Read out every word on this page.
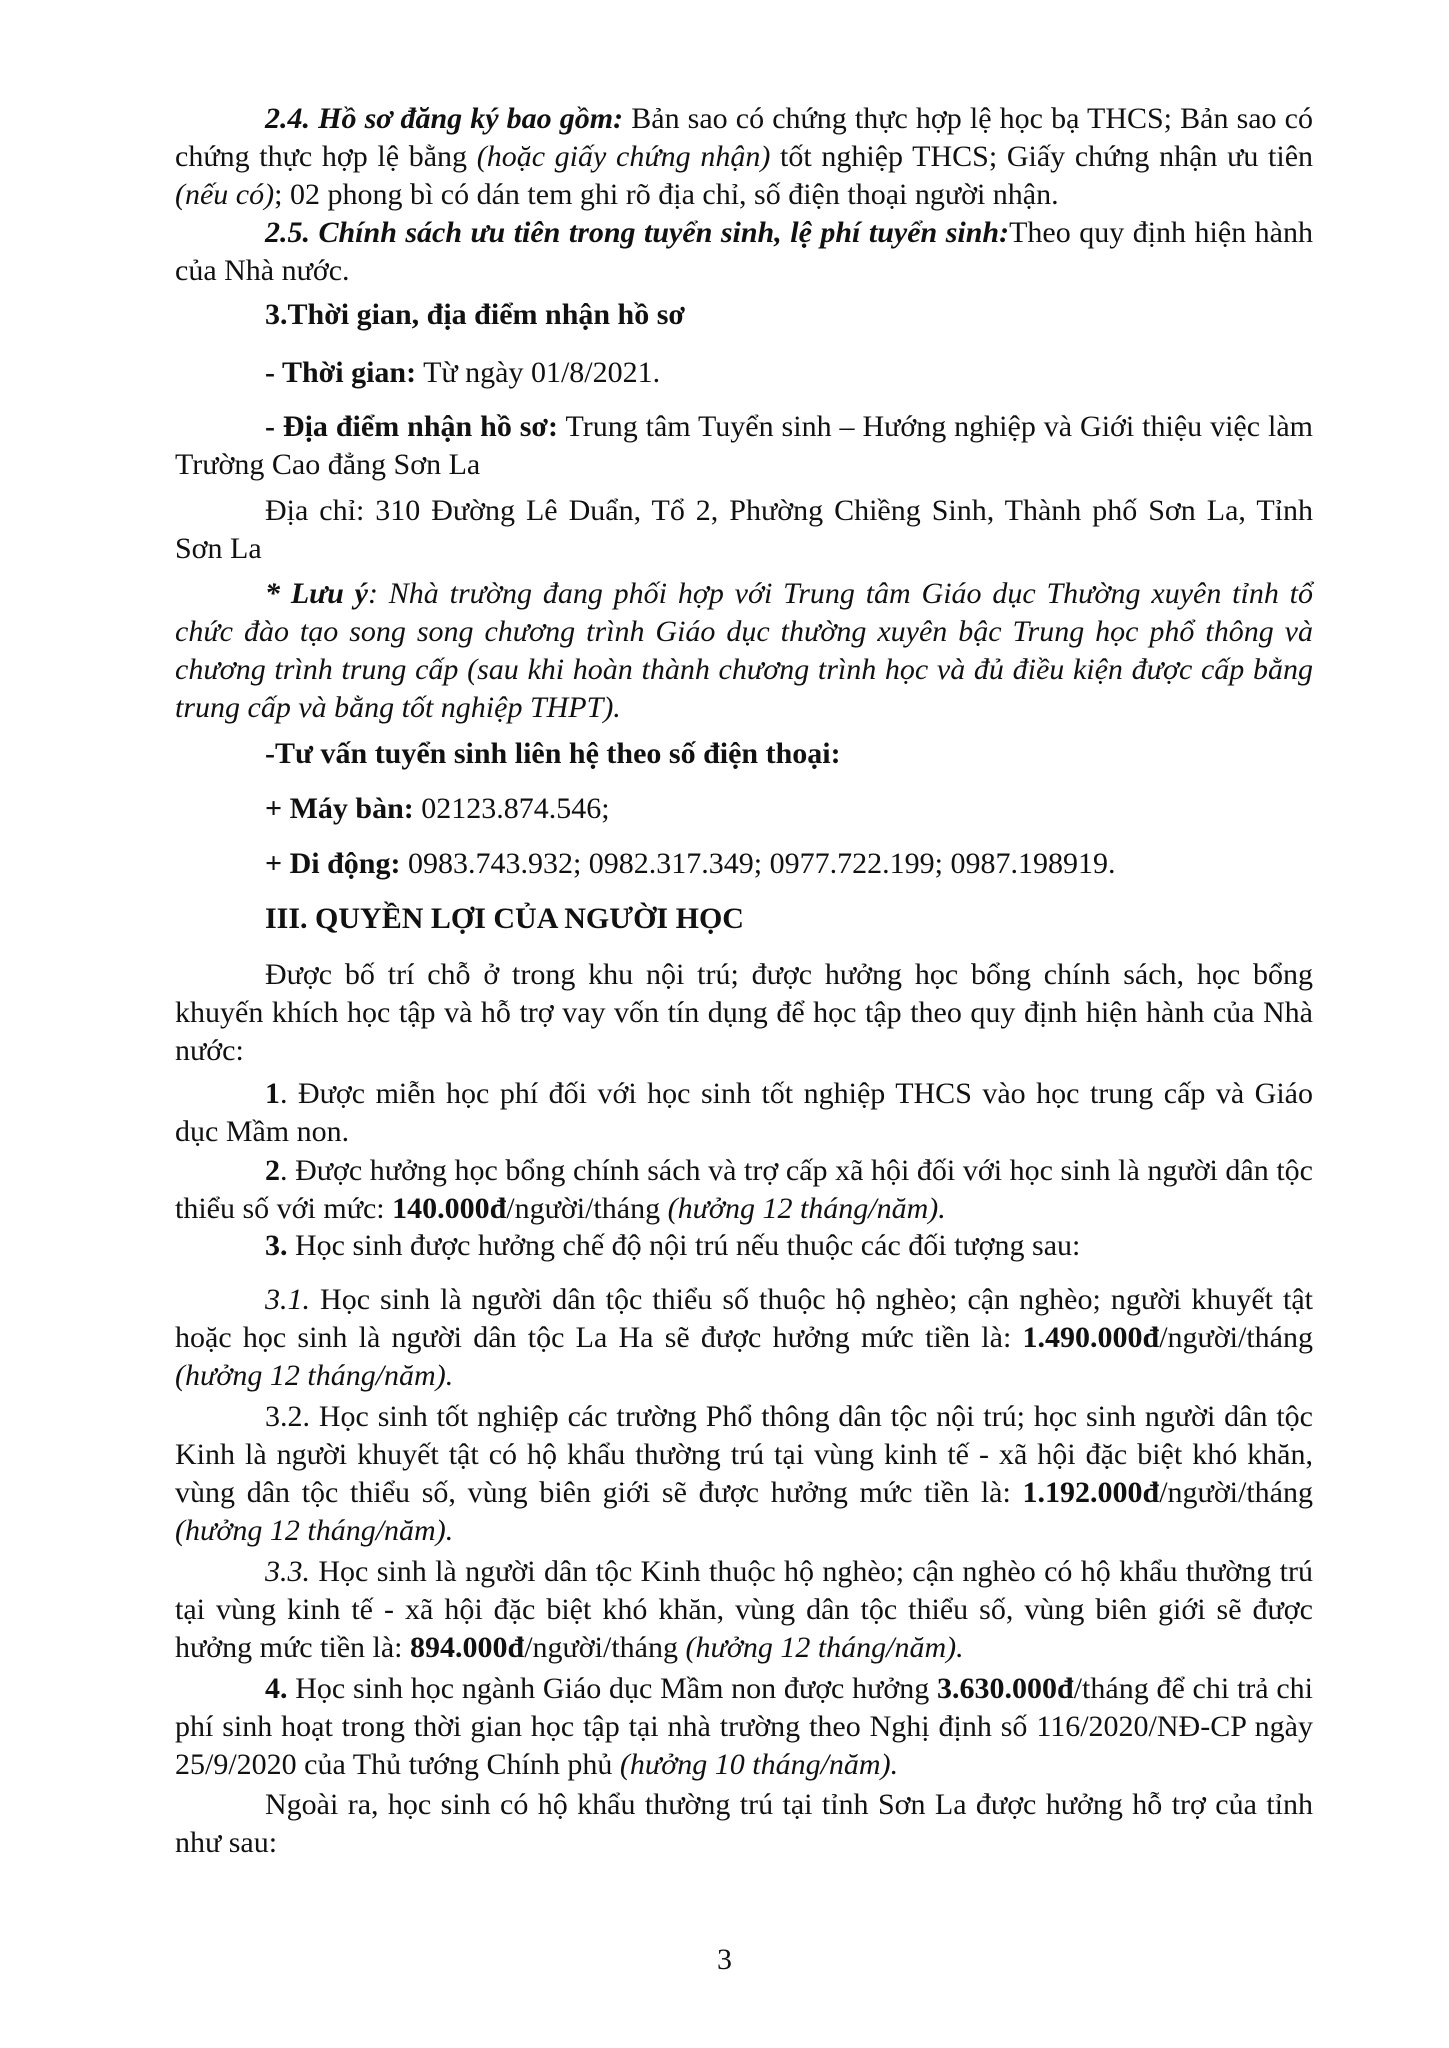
2.4. Hồ sơ đăng ký bao gồm: Bản sao có chứng thực hợp lệ học bạ THCS; Bản sao có chứng thực hợp lệ bằng (hoặc giấy chứng nhận) tốt nghiệp THCS; Giấy chứng nhận ưu tiên (nếu có); 02 phong bì có dán tem ghi rõ địa chỉ, số điện thoại người nhận.

2.5. Chính sách ưu tiên trong tuyển sinh, lệ phí tuyển sinh:Theo quy định hiện hành của Nhà nước.

3.Thời gian, địa điểm nhận hồ sơ

- Thời gian: Từ ngày 01/8/2021.

- Địa điểm nhận hồ sơ: Trung tâm Tuyển sinh – Hướng nghiệp và Giới thiệu việc làm Trường Cao đẳng Sơn La

Địa chỉ: 310 Đường Lê Duẩn, Tổ 2, Phường Chiềng Sinh, Thành phố Sơn La, Tỉnh Sơn La

* Lưu ý: Nhà trường đang phối hợp với Trung tâm Giáo dục Thường xuyên tỉnh tổ chức đào tạo song song chương trình Giáo dục thường xuyên bậc Trung học phổ thông và chương trình trung cấp (sau khi hoàn thành chương trình học và đủ điều kiện được cấp bằng trung cấp và bằng tốt nghiệp THPT).

-Tư vấn tuyển sinh liên hệ theo số điện thoại:

+ Máy bàn: 02123.874.546;

+ Di động: 0983.743.932; 0982.317.349; 0977.722.199; 0987.198919.

III. QUYỀN LỢI CỦA NGƯỜI HỌC

Được bố trí chỗ ở trong khu nội trú; được hưởng học bổng chính sách, học bổng khuyến khích học tập và hỗ trợ vay vốn tín dụng để học tập theo quy định hiện hành của Nhà nước:

1. Được miễn học phí đối với học sinh tốt nghiệp THCS vào học trung cấp và Giáo dục Mầm non.

2. Được hưởng học bổng chính sách và trợ cấp xã hội đối với học sinh là người dân tộc thiểu số với mức: 140.000đ/người/tháng (hưởng 12 tháng/năm).

3. Học sinh được hưởng chế độ nội trú nếu thuộc các đối tượng sau:

3.1. Học sinh là người dân tộc thiểu số thuộc hộ nghèo; cận nghèo; người khuyết tật hoặc học sinh là người dân tộc La Ha sẽ được hưởng mức tiền là: 1.490.000đ/người/tháng (hưởng 12 tháng/năm).

3.2. Học sinh tốt nghiệp các trường Phổ thông dân tộc nội trú; học sinh người dân tộc Kinh là người khuyết tật có hộ khẩu thường trú tại vùng kinh tế - xã hội đặc biệt khó khăn, vùng dân tộc thiểu số, vùng biên giới sẽ được hưởng mức tiền là: 1.192.000đ/người/tháng (hưởng 12 tháng/năm).

3.3. Học sinh là người dân tộc Kinh thuộc hộ nghèo; cận nghèo có hộ khẩu thường trú tại vùng kinh tế - xã hội đặc biệt khó khăn, vùng dân tộc thiểu số, vùng biên giới sẽ được hưởng mức tiền là: 894.000đ/người/tháng (hưởng 12 tháng/năm).

4. Học sinh học ngành Giáo dục Mầm non được hưởng 3.630.000đ/tháng để chi trả chi phí sinh hoạt trong thời gian học tập tại nhà trường theo Nghị định số 116/2020/NĐ-CP ngày 25/9/2020 của Thủ tướng Chính phủ (hưởng 10 tháng/năm).

Ngoài ra, học sinh có hộ khẩu thường trú tại tỉnh Sơn La được hưởng hỗ trợ của tỉnh như sau:

3
